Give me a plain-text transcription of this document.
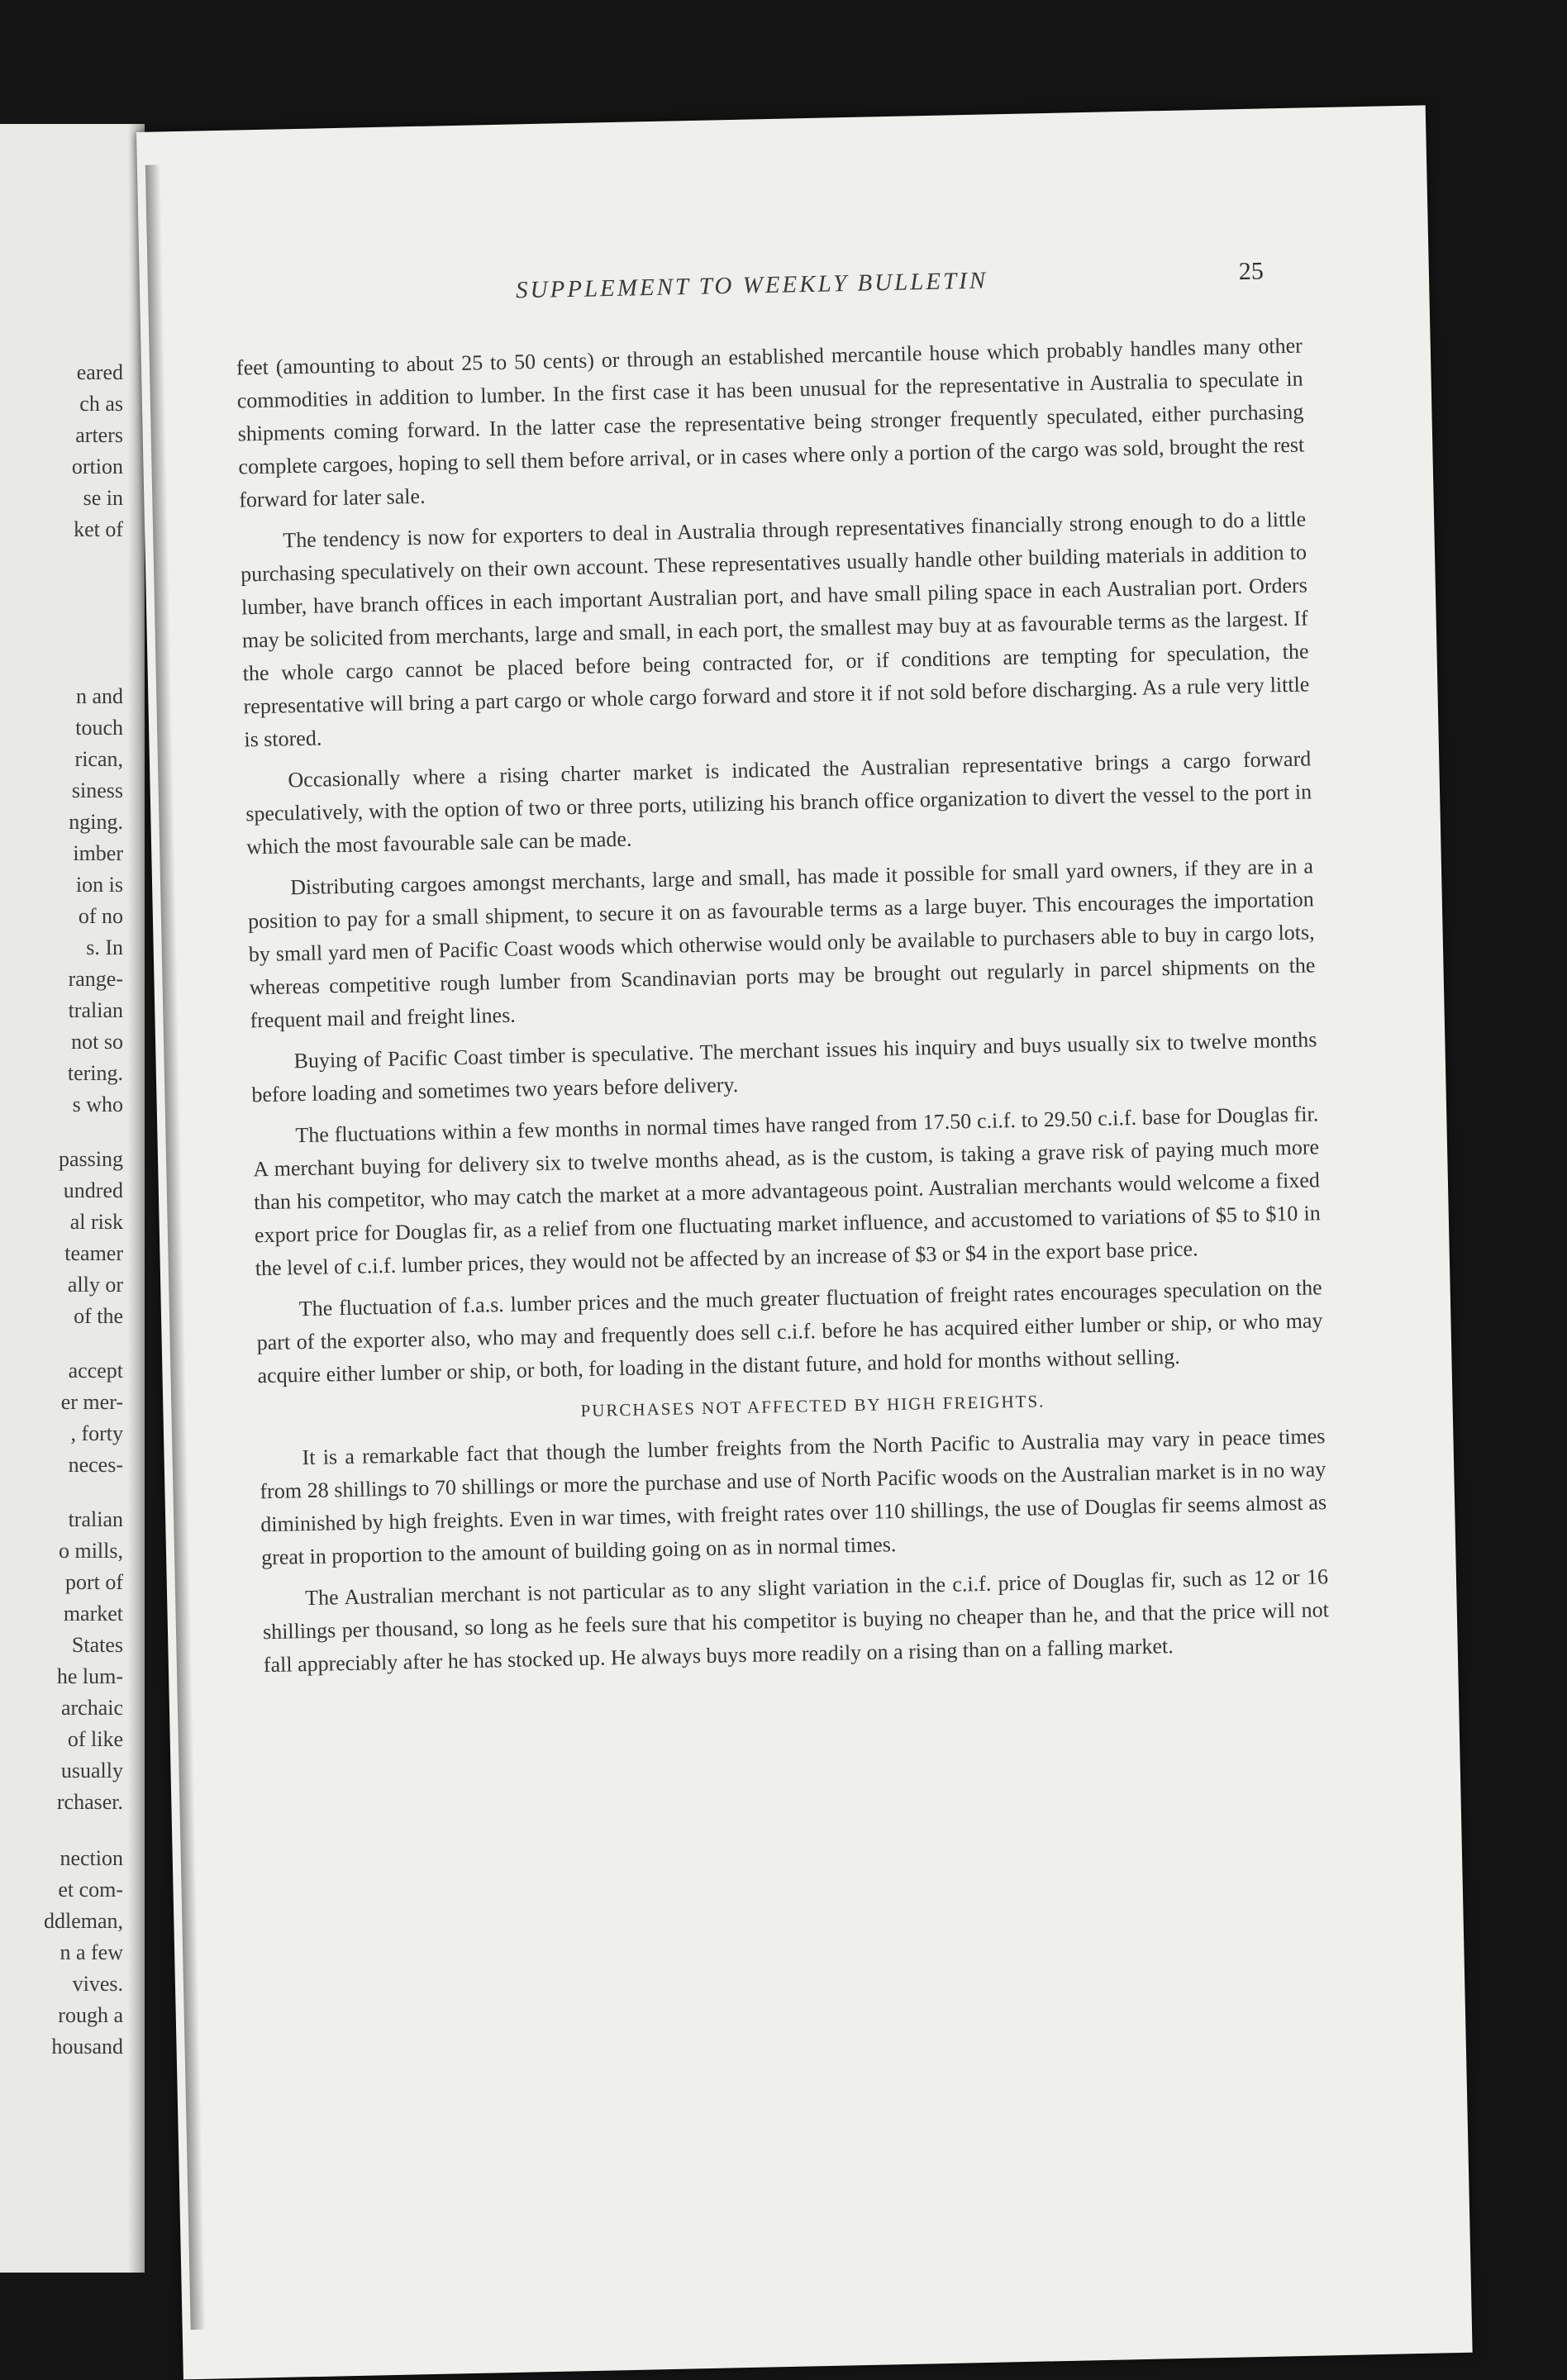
eared

ch as

arters

ortion

se in

ket of

n and

touch

rican,

siness

nging.

imber

ion is

of no

s. In

range-

tralian

not so

tering.

s who

passing

undred

al risk

teamer

ally or

of the

accept

er mer-

, forty

neces-

tralian

o mills,

port of

market

States

he lum-

archaic

of like

usually

rchaser.

nection

et com-

ddleman,

n a few

vives.

rough a

housand

SUPPLEMENT TO WEEKLY BULLETIN	25

feet (amounting to about 25 to 50 cents) or through an established mercantile house which probably handles many other commodities in addition to lumber. In the first case it has been unusual for the representative in Australia to speculate in shipments coming forward. In the latter case the representative being stronger frequently speculated, either purchasing complete cargoes, hoping to sell them before arrival, or in cases where only a portion of the cargo was sold, brought the rest forward for later sale.

The tendency is now for exporters to deal in Australia through representatives financially strong enough to do a little purchasing speculatively on their own account. These representatives usually handle other building materials in addition to lumber, have branch offices in each important Australian port, and have small piling space in each Australian port. Orders may be solicited from merchants, large and small, in each port, the smallest may buy at as favourable terms as the largest. If the whole cargo cannot be placed before being contracted for, or if conditions are tempting for speculation, the representative will bring a part cargo or whole cargo forward and store it if not sold before discharging. As a rule very little is stored.

Occasionally where a rising charter market is indicated the Australian representative brings a cargo forward speculatively, with the option of two or three ports, utilizing his branch office organization to divert the vessel to the port in which the most favourable sale can be made.

Distributing cargoes amongst merchants, large and small, has made it possible for small yard owners, if they are in a position to pay for a small shipment, to secure it on as favourable terms as a large buyer. This encourages the importation by small yard men of Pacific Coast woods which otherwise would only be available to purchasers able to buy in cargo lots, whereas competitive rough lumber from Scandinavian ports may be brought out regularly in parcel shipments on the frequent mail and freight lines.

Buying of Pacific Coast timber is speculative. The merchant issues his inquiry and buys usually six to twelve months before loading and sometimes two years before delivery.

The fluctuations within a few months in normal times have ranged from 17.50 c.i.f. to 29.50 c.i.f. base for Douglas fir. A merchant buying for delivery six to twelve months ahead, as is the custom, is taking a grave risk of paying much more than his competitor, who may catch the market at a more advantageous point. Australian merchants would welcome a fixed export price for Douglas fir, as a relief from one fluctuating market influence, and accustomed to variations of $5 to $10 in the level of c.i.f. lumber prices, they would not be affected by an increase of $3 or $4 in the export base price.

The fluctuation of f.a.s. lumber prices and the much greater fluctuation of freight rates encourages speculation on the part of the exporter also, who may and frequently does sell c.i.f. before he has acquired either lumber or ship, or who may acquire either lumber or ship, or both, for loading in the distant future, and hold for months without selling.

PURCHASES NOT AFFECTED BY HIGH FREIGHTS.

It is a remarkable fact that though the lumber freights from the North Pacific to Australia may vary in peace times from 28 shillings to 70 shillings or more the purchase and use of North Pacific woods on the Australian market is in no way diminished by high freights. Even in war times, with freight rates over 110 shillings, the use of Douglas fir seems almost as great in proportion to the amount of building going on as in normal times.

The Australian merchant is not particular as to any slight variation in the c.i.f. price of Douglas fir, such as 12 or 16 shillings per thousand, so long as he feels sure that his competitor is buying no cheaper than he, and that the price will not fall appreciably after he has stocked up. He always buys more readily on a rising than on a falling market.
